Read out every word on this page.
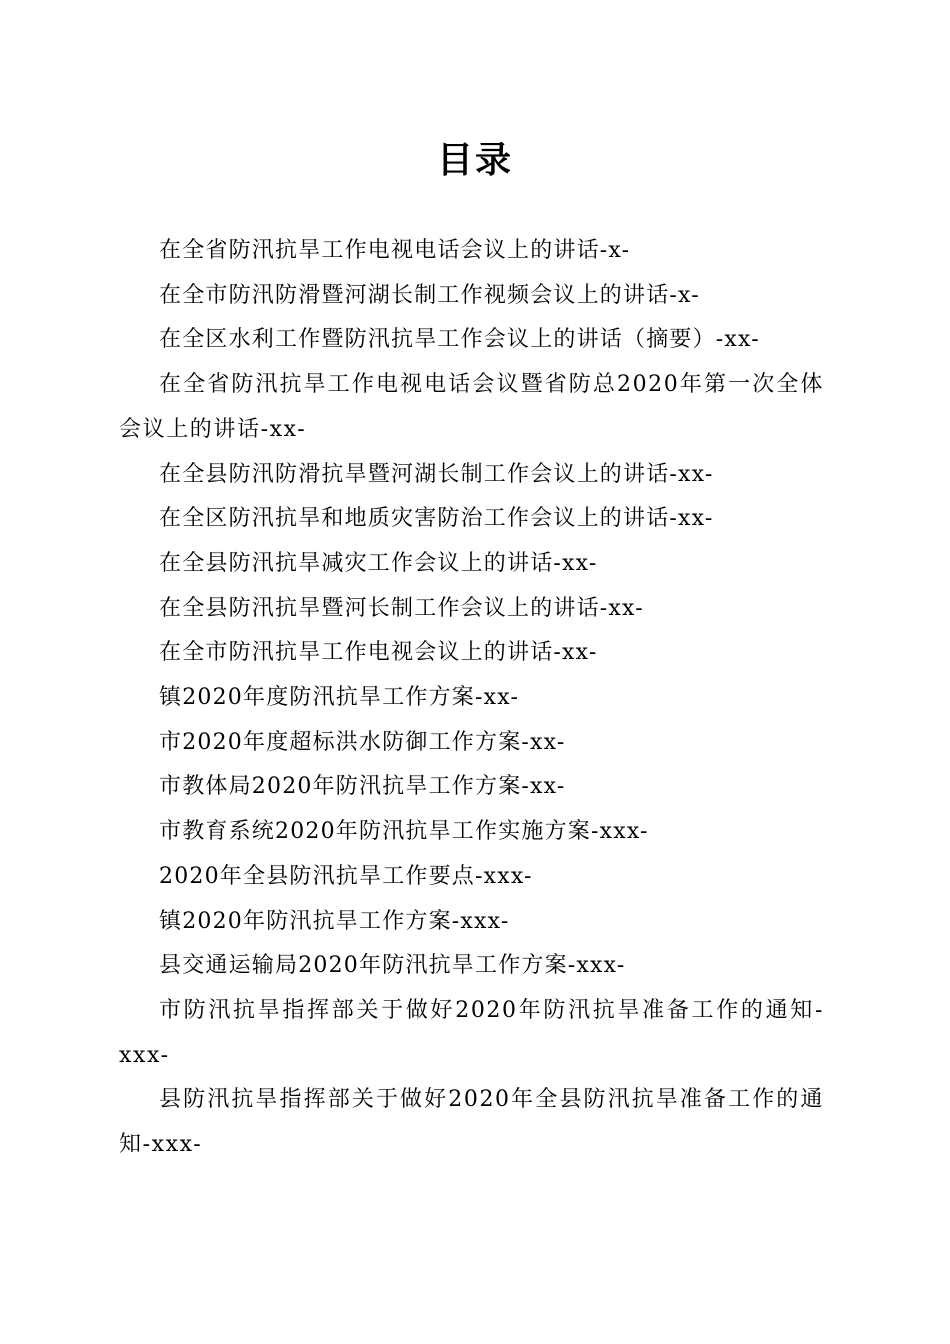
目录
在全省防汛抗旱工作电视电话会议上的讲话-x-
在全市防汛防滑暨河湖长制工作视频会议上的讲话-x-
在全区水利工作暨防汛抗旱工作会议上的讲话（摘要）-xx-
在全省防汛抗旱工作电视电话会议暨省防总2020年第一次全体会议上的讲话-xx-
在全县防汛防滑抗旱暨河湖长制工作会议上的讲话-xx-
在全区防汛抗旱和地质灾害防治工作会议上的讲话-xx-
在全县防汛抗旱减灾工作会议上的讲话-xx-
在全县防汛抗旱暨河长制工作会议上的讲话-xx-
在全市防汛抗旱工作电视会议上的讲话-xx-
镇2020年度防汛抗旱工作方案-xx-
市2020年度超标洪水防御工作方案-xx-
市教体局2020年防汛抗旱工作方案-xx-
市教育系统2020年防汛抗旱工作实施方案-xxx-
2020年全县防汛抗旱工作要点-xxx-
镇2020年防汛抗旱工作方案-xxx-
县交通运输局2020年防汛抗旱工作方案-xxx-
市防汛抗旱指挥部关于做好2020年防汛抗旱准备工作的通知-xxx-
县防汛抗旱指挥部关于做好2020年全县防汛抗旱准备工作的通知-xxx-
